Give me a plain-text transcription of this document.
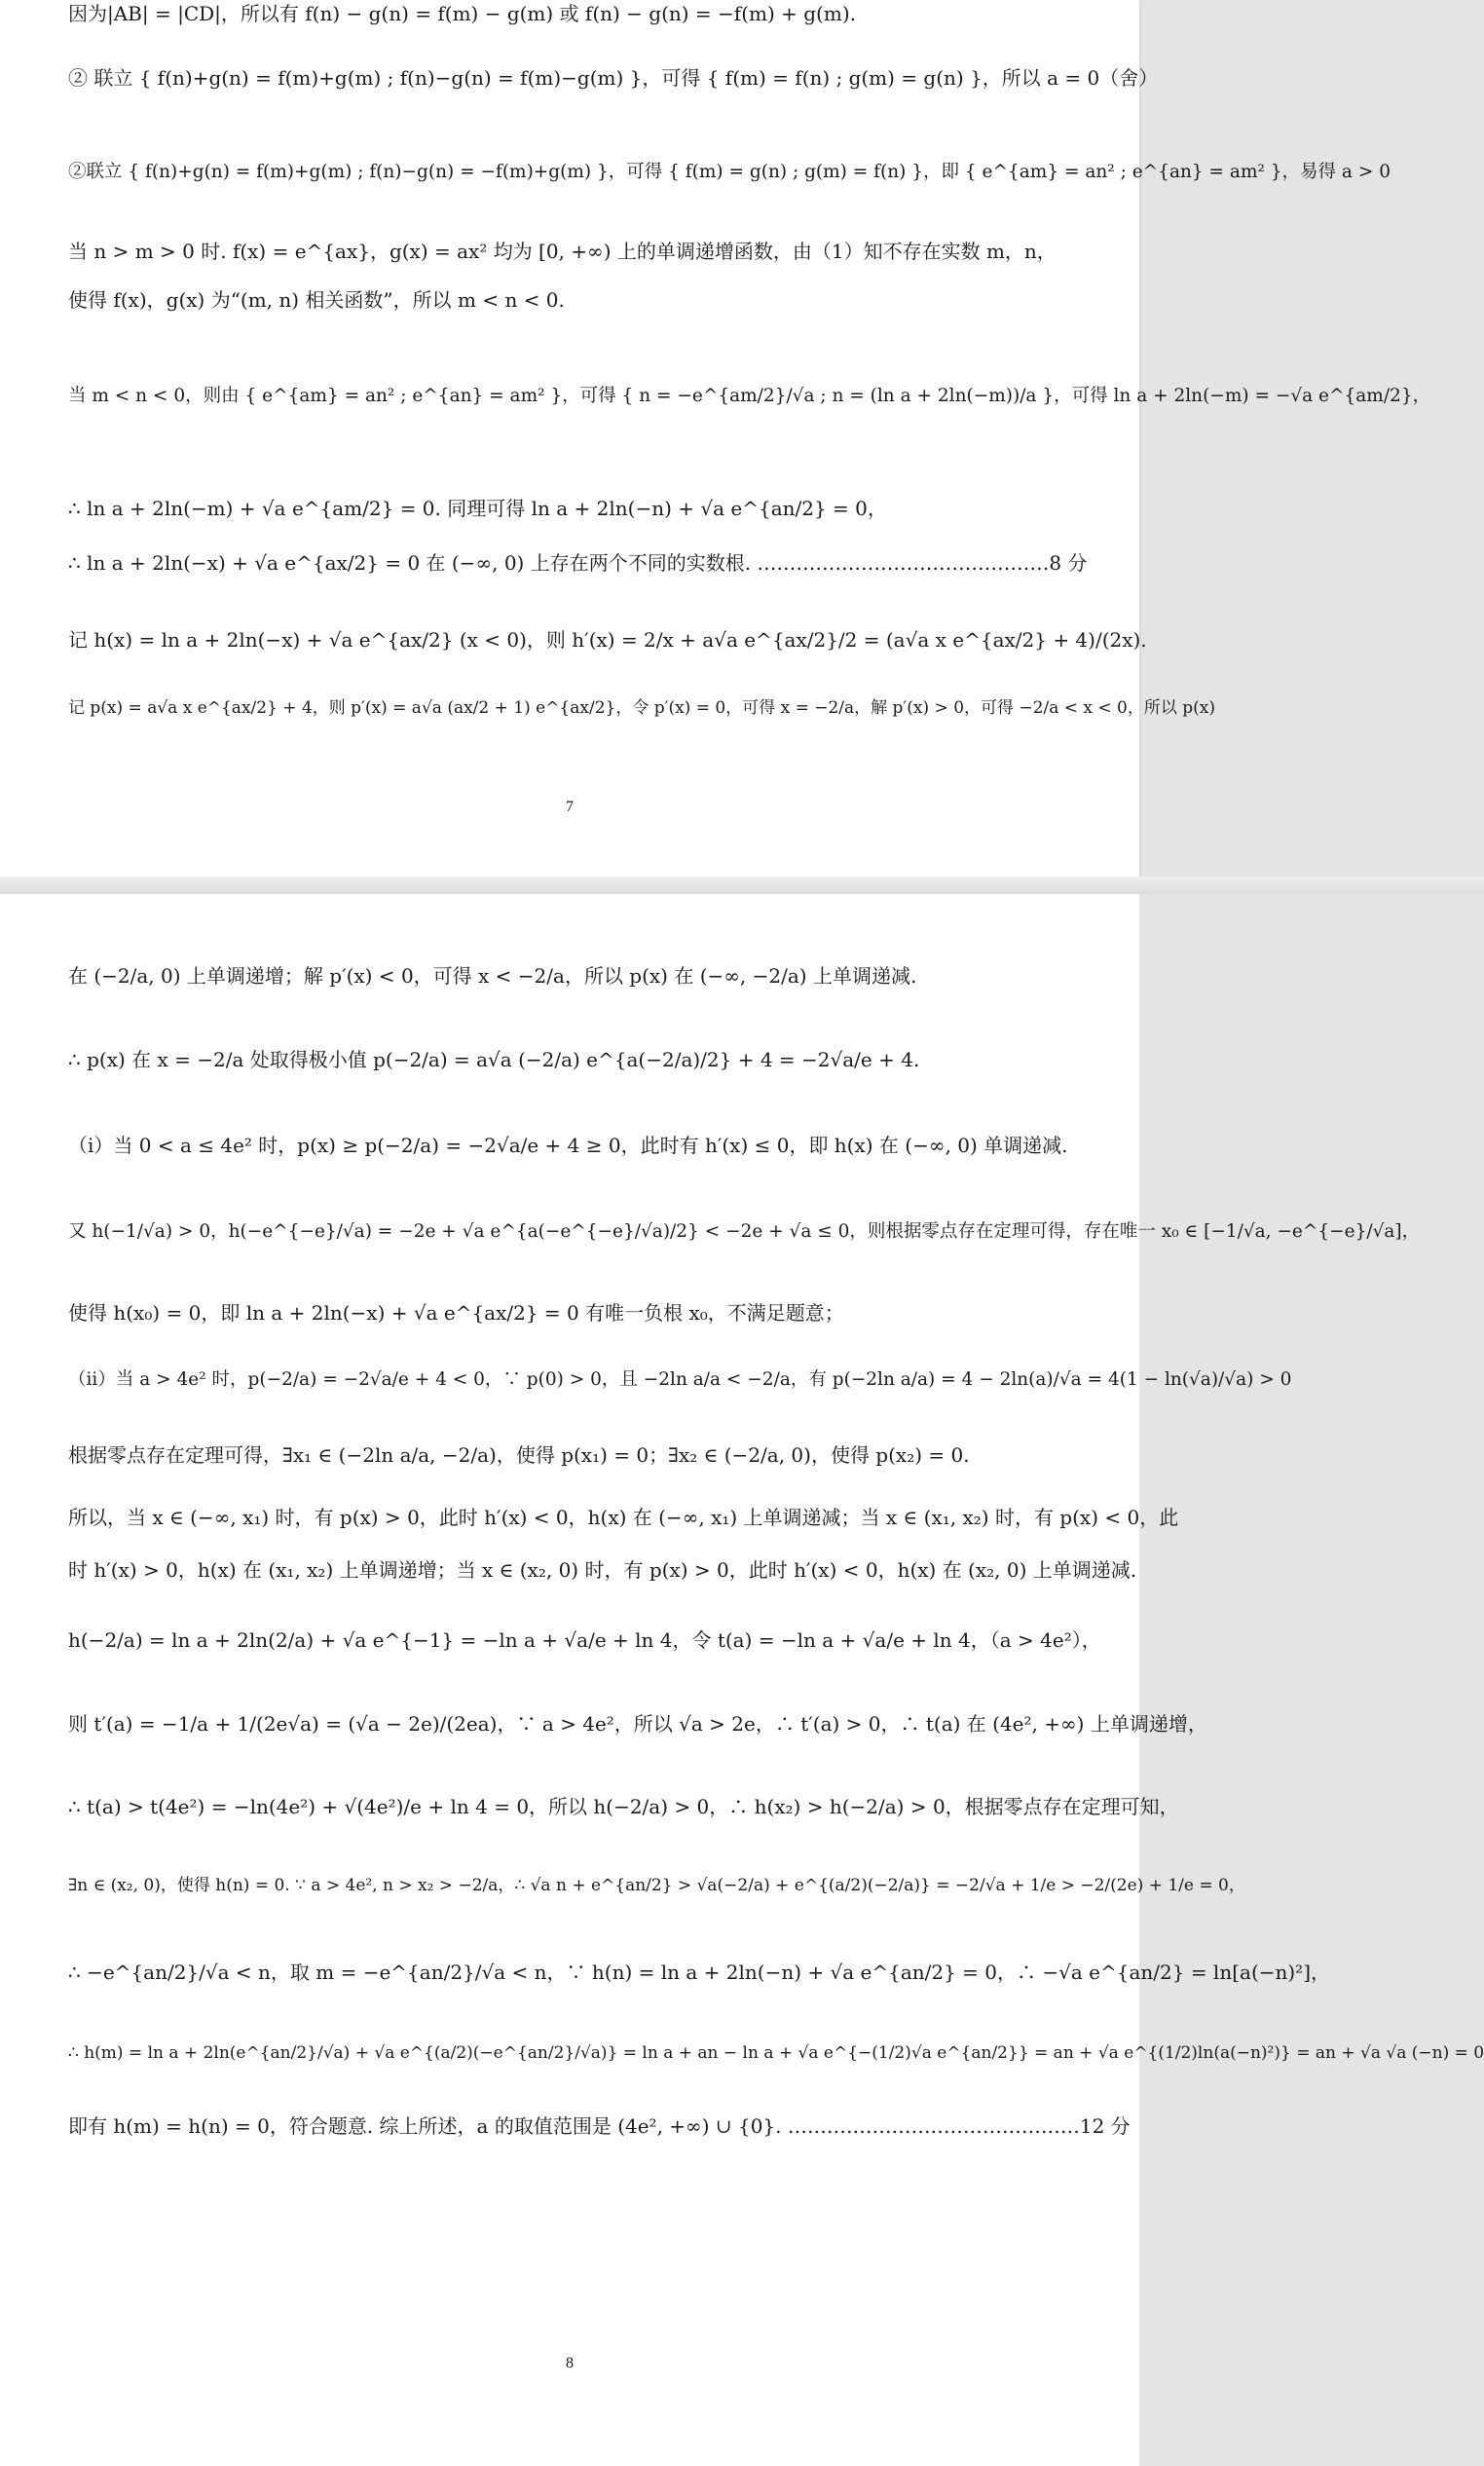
因为|AB| = |CD|，所以有 f(n) − g(n) = f(m) − g(m) 或 f(n) − g(n) = −f(m) + g(m).
② 联立 { f(n)+g(n) = f(m)+g(m) ; f(n)−g(n) = f(m)−g(m) }，可得 { f(m) = f(n) ; g(m) = g(n) }，所以 a = 0（舍）
②联立 { f(n)+g(n) = f(m)+g(m) ; f(n)−g(n) = −f(m)+g(m) }，可得 { f(m) = g(n) ; g(m) = f(n) }，即 { e^{am} = an² ; e^{an} = am² }，易得 a > 0
当 n > m > 0 时. f(x) = e^{ax}，g(x) = ax² 均为 [0, +∞) 上的单调递增函数，由（1）知不存在实数 m，n，
使得 f(x)，g(x) 为“(m, n) 相关函数”，所以 m < n < 0.
当 m < n < 0，则由 { e^{am} = an² ; e^{an} = am² }，可得 { n = −e^{am/2}/√a ; n = (ln a + 2ln(−m))/a }，可得 ln a + 2ln(−m) = −√a e^{am/2}，
∴ ln a + 2ln(−m) + √a e^{am/2} = 0. 同理可得 ln a + 2ln(−n) + √a e^{an/2} = 0，
∴ ln a + 2ln(−x) + √a e^{ax/2} = 0 在 (−∞, 0) 上存在两个不同的实数根. ………………………………………8 分
记 h(x) = ln a + 2ln(−x) + √a e^{ax/2} (x < 0)，则 h′(x) = 2/x + a√a e^{ax/2}/2 = (a√a x e^{ax/2} + 4)/(2x).
记 p(x) = a√a x e^{ax/2} + 4，则 p′(x) = a√a (ax/2 + 1) e^{ax/2}，令 p′(x) = 0，可得 x = −2/a，解 p′(x) > 0，可得 −2/a < x < 0，所以 p(x)
7
在 (−2/a, 0) 上单调递增；解 p′(x) < 0，可得 x < −2/a，所以 p(x) 在 (−∞, −2/a) 上单调递减.
∴ p(x) 在 x = −2/a 处取得极小值 p(−2/a) = a√a (−2/a) e^{a(−2/a)/2} + 4 = −2√a/e + 4.
（i）当 0 < a ≤ 4e² 时，p(x) ≥ p(−2/a) = −2√a/e + 4 ≥ 0，此时有 h′(x) ≤ 0，即 h(x) 在 (−∞, 0) 单调递减.
又 h(−1/√a) > 0，h(−e^{−e}/√a) = −2e + √a e^{a(−e^{−e}/√a)/2} < −2e + √a ≤ 0，则根据零点存在定理可得，存在唯一 x₀ ∈ [−1/√a, −e^{−e}/√a]，
使得 h(x₀) = 0，即 ln a + 2ln(−x) + √a e^{ax/2} = 0 有唯一负根 x₀，不满足题意；
（ii）当 a > 4e² 时，p(−2/a) = −2√a/e + 4 < 0，∵ p(0) > 0，且 −2ln a/a < −2/a，有 p(−2ln a/a) = 4 − 2ln(a)/√a = 4(1 − ln(√a)/√a) > 0
根据零点存在定理可得，∃x₁ ∈ (−2ln a/a, −2/a)，使得 p(x₁) = 0；∃x₂ ∈ (−2/a, 0)，使得 p(x₂) = 0.
所以，当 x ∈ (−∞, x₁) 时，有 p(x) > 0，此时 h′(x) < 0，h(x) 在 (−∞, x₁) 上单调递减；当 x ∈ (x₁, x₂) 时，有 p(x) < 0，此
时 h′(x) > 0，h(x) 在 (x₁, x₂) 上单调递增；当 x ∈ (x₂, 0) 时，有 p(x) > 0，此时 h′(x) < 0，h(x) 在 (x₂, 0) 上单调递减.
h(−2/a) = ln a + 2ln(2/a) + √a e^{−1} = −ln a + √a/e + ln 4，令 t(a) = −ln a + √a/e + ln 4，（a > 4e²），
则 t′(a) = −1/a + 1/(2e√a) = (√a − 2e)/(2ea)，∵ a > 4e²，所以 √a > 2e，∴ t′(a) > 0，∴ t(a) 在 (4e², +∞) 上单调递增，
∴ t(a) > t(4e²) = −ln(4e²) + √(4e²)/e + ln 4 = 0，所以 h(−2/a) > 0，∴ h(x₂) > h(−2/a) > 0，根据零点存在定理可知，
∃n ∈ (x₂, 0)，使得 h(n) = 0. ∵ a > 4e², n > x₂ > −2/a，∴ √a n + e^{an/2} > √a(−2/a) + e^{(a/2)(−2/a)} = −2/√a + 1/e > −2/(2e) + 1/e = 0，
∴ −e^{an/2}/√a < n，取 m = −e^{an/2}/√a < n，∵ h(n) = ln a + 2ln(−n) + √a e^{an/2} = 0，∴ −√a e^{an/2} = ln[a(−n)²]，
∴ h(m) = ln a + 2ln(e^{an/2}/√a) + √a e^{(a/2)(−e^{an/2}/√a)} = ln a + an − ln a + √a e^{−(1/2)√a e^{an/2}} = an + √a e^{(1/2)ln(a(−n)²)} = an + √a √a (−n) = 0
即有 h(m) = h(n) = 0，符合题意. 综上所述，a 的取值范围是 (4e², +∞) ∪ {0}. ………………………………………12 分
8
